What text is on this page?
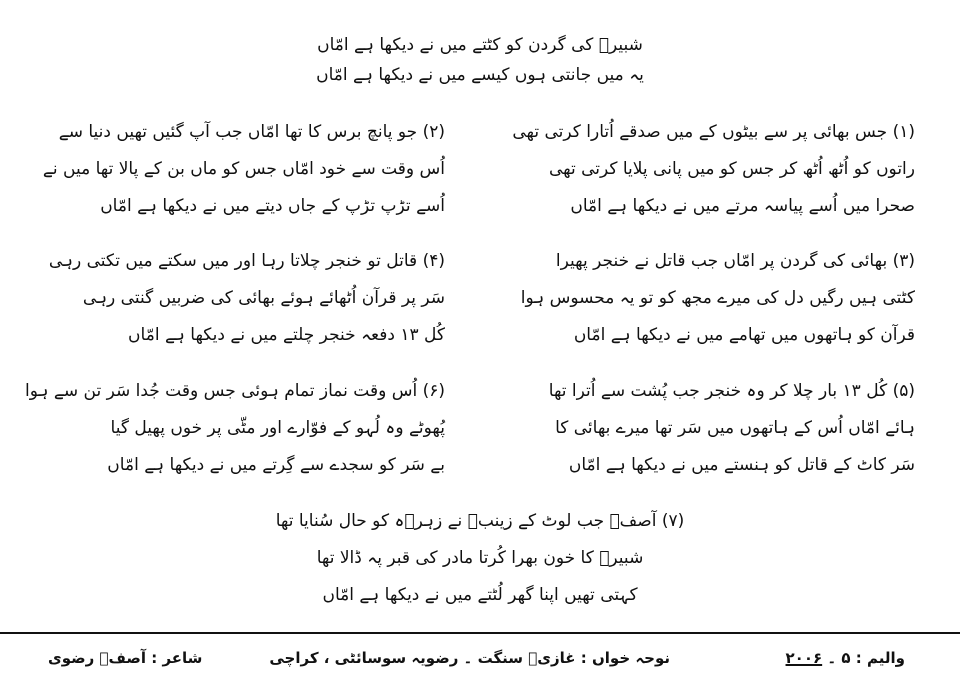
شبیرؑ کی گردن کو کٹتے میں نے دیکھا ہے امّاں
یہ میں جانتی ہوں کیسے میں نے دیکھا ہے امّاں
(۱) جس بھائی پر سے بیٹوں کے میں صدقے اُتارا کرتی تھی
راتوں کو اُٹھ اُٹھ کر جس کو میں پانی پلایا کرتی تھی
صحرا میں اُسے پیاسہ مرتے میں نے دیکھا ہے امّاں
(۲) جو پانچ برس کا تھا امّاں جب آپ گئیں تھیں دنیا سے
اُس وقت سے خود امّاں جس کو ماں بن کے پالا تھا میں نے
اُسے تڑپ تڑپ کے جاں دیتے میں نے دیکھا ہے امّاں
(۳) بھائی کی گردن پر امّاں جب قاتل نے خنجر پھیرا
کٹتی ہیں رگیں دل کی میرے مجھ کو تو یہ محسوس ہوا
قرآن کو ہاتھوں میں تھامے میں نے دیکھا ہے امّاں
(۴) قاتل تو خنجر چلاتا رہا اور میں سکتے میں تکتی رہی
سَر پر قرآن اُٹھائے ہوئے بھائی کی ضربیں گنتی رہی
کُل ۱۳ دفعہ خنجر چلتے میں نے دیکھا ہے امّاں
(۵) کُل ۱۳ بار چلا کر وہ خنجر جب پُشت سے اُترا تھا
ہائے امّاں اُس کے ہاتھوں میں سَر تھا میرے بھائی کا
سَر کاٹ کے قاتل کو ہنستے میں نے دیکھا ہے امّاں
(۶) اُس وقت نماز تمام ہوئی جس وقت جُدا سَر تن سے ہوا
پُھوٹے وہ لُہو کے فوّارے اور مٹّی پر خوں پھیل گیا
بے سَر کو سجدے سے گِرتے میں نے دیکھا ہے امّاں
(۷) آصفؔ جب لوٹ کے زینبؑ نے زہرؑہ کو حال سُنایا تھا
شبیرؑ کا خون بھرا کُرتا مادر کی قبر پہ ڈالا تھا
کہتی تھیں اپنا گھر لُٹتے میں نے دیکھا ہے امّاں
والیم : ۵ ۔ ۲۰۰۶
نوحہ خواں : غازیؑ سنگت ۔ رضویہ سوسائٹی ، کراچی
شاعر : آصفؔ رضوی
